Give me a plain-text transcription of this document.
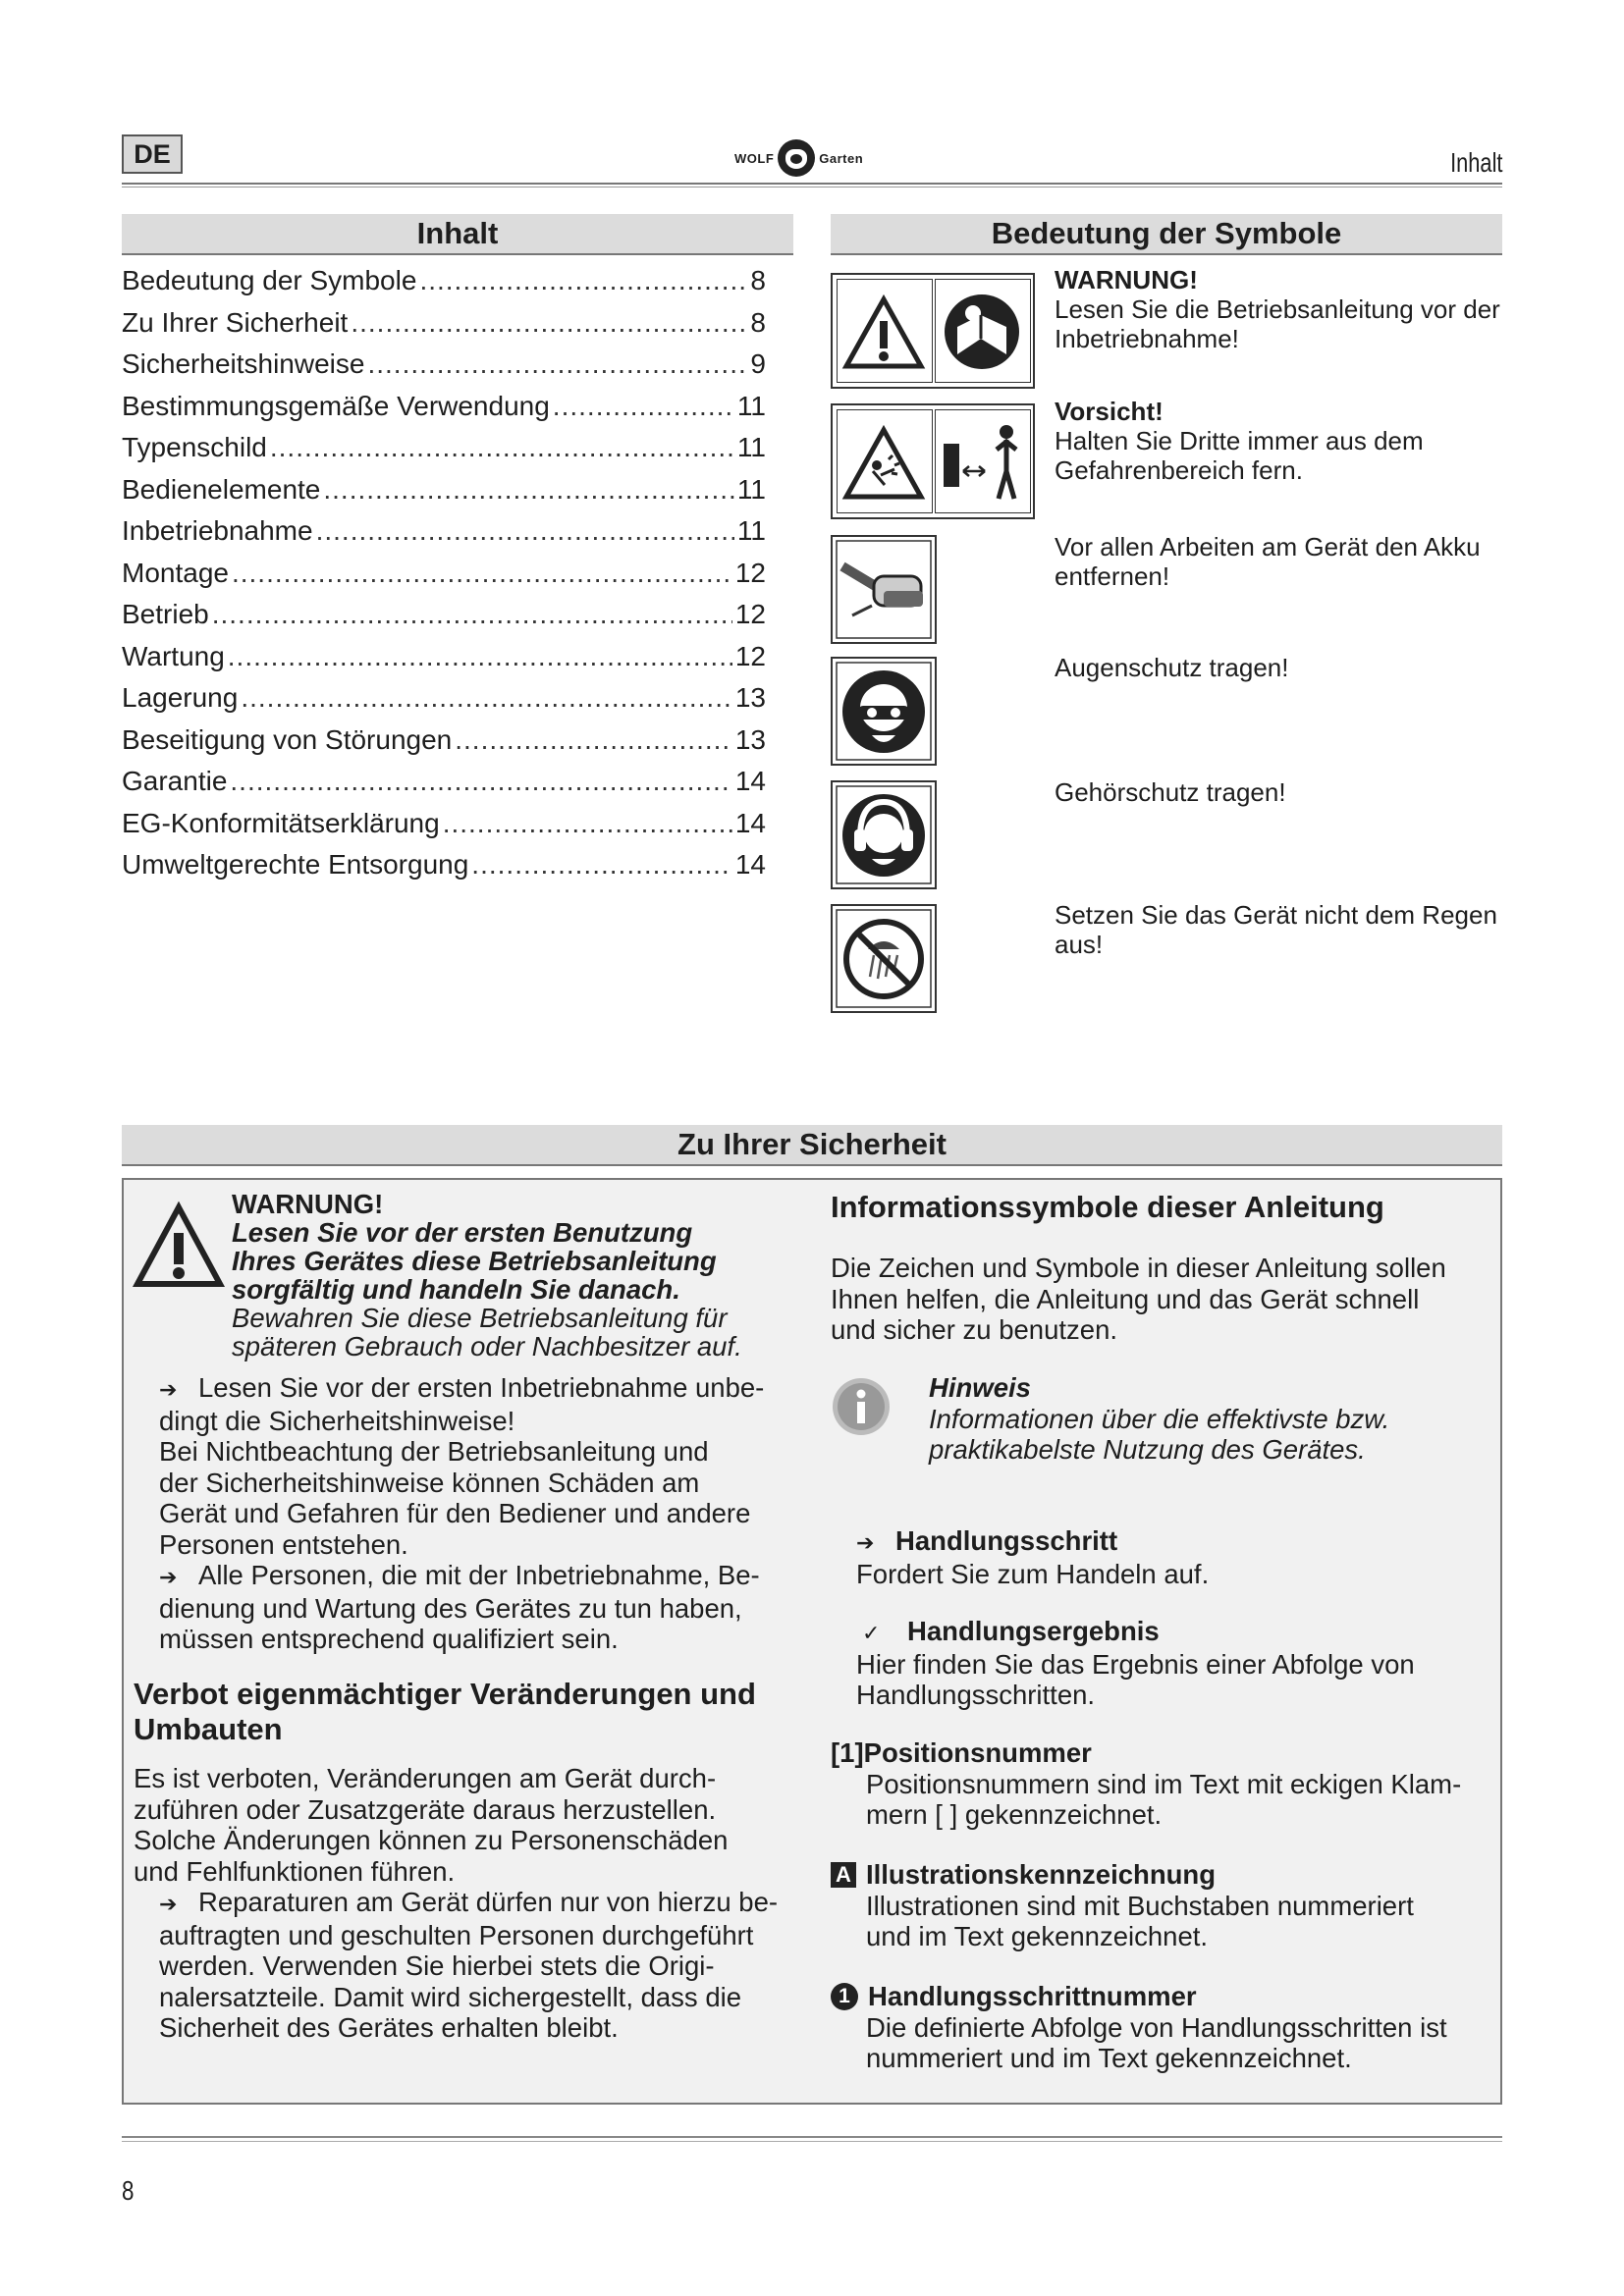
DE	WOLF	Garten	Inhalt
Inhalt
Bedeutung der Symbole .....	8
Zu Ihrer Sicherheit .....	8
Sicherheitshinweise .....	9
Bestimmungsgemäße Verwendung .....	11
Typenschild .....	11
Bedienelemente .....	11
Inbetriebnahme .....	11
Montage .....	12
Betrieb .....	12
Wartung .....	12
Lagerung .....	13
Beseitigung von Störungen .....	13
Garantie .....	14
EG-Konformitätserklärung .....	14
Umweltgerechte Entsorgung .....	14
Bedeutung der Symbole
WARNUNG!
Lesen Sie die Betriebsanleitung vor der Inbetriebnahme!
Vorsicht!
Halten Sie Dritte immer aus dem Gefahrenbereich fern.
Vor allen Arbeiten am Gerät den Akku entfernen!
Augenschutz tragen!
Gehörschutz tragen!
Setzen Sie das Gerät nicht dem Regen aus!
Zu Ihrer Sicherheit
WARNUNG!
Lesen Sie vor der ersten Benutzung
Ihres Gerätes diese Betriebsanleitung
sorgfältig und handeln Sie danach.
Bewahren Sie diese Betriebsanleitung für
späteren Gebrauch oder Nachbesitzer auf.
➔ Lesen Sie vor der ersten Inbetriebnahme unbe-
dingt die Sicherheitshinweise!
Bei Nichtbeachtung der Betriebsanleitung und
der Sicherheitshinweise können Schäden am
Gerät und Gefahren für den Bediener und andere
Personen entstehen.
➔ Alle Personen, die mit der Inbetriebnahme, Be-
dienung und Wartung des Gerätes zu tun haben,
müssen entsprechend qualifiziert sein.
Verbot eigenmächtiger Veränderungen und
Umbauten
Es ist verboten, Veränderungen am Gerät durch-
zuführen oder Zusatzgeräte daraus herzustellen.
Solche Änderungen können zu Personenschäden
und Fehlfunktionen führen.
➔ Reparaturen am Gerät dürfen nur von hierzu be-
auftragten und geschulten Personen durchgeführt
werden. Verwenden Sie hierbei stets die Origi-
nalersatzteile. Damit wird sichergestellt, dass die
Sicherheit des Gerätes erhalten bleibt.
Informationssymbole dieser Anleitung
Die Zeichen und Symbole in dieser Anleitung sollen
Ihnen helfen, die Anleitung und das Gerät schnell
und sicher zu benutzen.
Hinweis
Informationen über die effektivste bzw.
praktikabelste Nutzung des Gerätes.
➔ Handlungsschritt
Fordert Sie zum Handeln auf.
✓ Handlungsergebnis
Hier finden Sie das Ergebnis einer Abfolge von
Handlungsschritten.
[1]Positionsnummer
Positionsnummern sind im Text mit eckigen Klam-
mern [ ] gekennzeichnet.
A Illustrationskennzeichnung
Illustrationen sind mit Buchstaben nummeriert
und im Text gekennzeichnet.
1 Handlungsschrittnummer
Die definierte Abfolge von Handlungsschritten ist
nummeriert und im Text gekennzeichnet.
8
